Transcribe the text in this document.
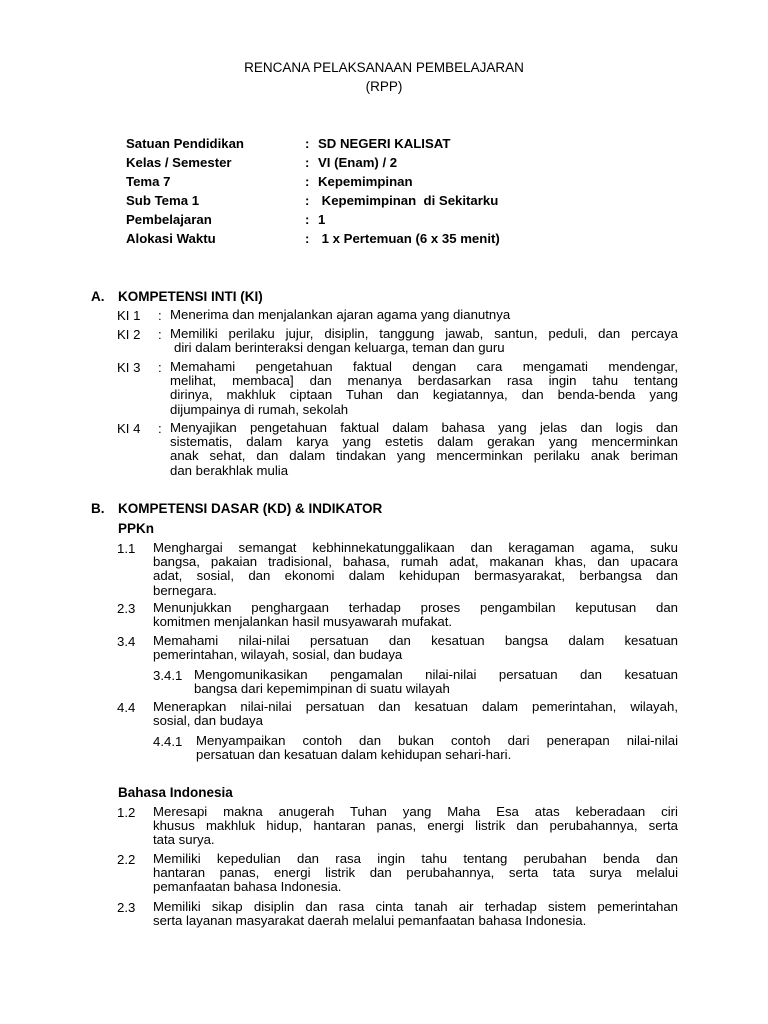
RENCANA PELAKSANAAN PEMBELAJARAN
(RPP)
Satuan Pendidikan	: SD NEGERI KALISAT
Kelas / Semester	: VI (Enam) / 2
Tema 7	: Kepemimpinan
Sub Tema 1	: Kepemimpinan  di Sekitarku
Pembelajaran	: 1
Alokasi Waktu	: 1 x Pertemuan (6 x 35 menit)
A. KOMPETENSI INTI (KI)
KI 1 : Menerima dan menjalankan ajaran agama yang dianutnya
KI 2 : Memiliki perilaku jujur, disiplin, tanggung jawab, santun, peduli, dan percaya
diri dalam berinteraksi dengan keluarga, teman dan guru
KI 3 : Memahami pengetahuan faktual dengan cara mengamati mendengar,
melihat, membaca] dan menanya berdasarkan rasa ingin tahu tentang
dirinya, makhluk ciptaan Tuhan dan kegiatannya, dan benda-benda yang
dijumpainya di rumah, sekolah
KI 4 : Menyajikan pengetahuan faktual dalam bahasa yang jelas dan logis dan
sistematis, dalam karya yang estetis dalam gerakan yang mencerminkan
anak sehat, dan dalam tindakan yang mencerminkan perilaku anak beriman
dan berakhlak mulia
B. KOMPETENSI DASAR (KD) & INDIKATOR
PPKn
1.1 Menghargai semangat kebhinnekatunggalikaan dan keragaman agama, suku
bangsa, pakaian tradisional, bahasa, rumah adat, makanan khas, dan upacara
adat, sosial, dan ekonomi dalam kehidupan bermasyarakat, berbangsa dan
bernegara.
2.3 Menunjukkan penghargaan terhadap proses pengambilan keputusan dan
komitmen menjalankan hasil musyawarah mufakat.
3.4 Memahami nilai-nilai persatuan dan kesatuan bangsa dalam kesatuan
pemerintahan, wilayah, sosial, dan budaya
3.4.1 Mengomunikasikan pengamalan nilai-nilai persatuan dan kesatuan
bangsa dari kepemimpinan di suatu wilayah
4.4 Menerapkan nilai-nilai persatuan dan kesatuan dalam pemerintahan, wilayah,
sosial, dan budaya
4.4.1 Menyampaikan contoh dan bukan contoh dari penerapan nilai-nilai
persatuan dan kesatuan dalam kehidupan sehari-hari.
Bahasa Indonesia
1.2 Meresapi makna anugerah Tuhan yang Maha Esa atas keberadaan ciri
khusus makhluk hidup, hantaran panas, energi listrik dan perubahannya, serta
tata surya.
2.2 Memiliki kepedulian dan rasa ingin tahu tentang perubahan benda dan
hantaran panas, energi listrik dan perubahannya, serta tata surya melalui
pemanfaatan bahasa Indonesia.
2.3 Memiliki sikap disiplin dan rasa cinta tanah air terhadap sistem pemerintahan
serta layanan masyarakat daerah melalui pemanfaatan bahasa Indonesia.
